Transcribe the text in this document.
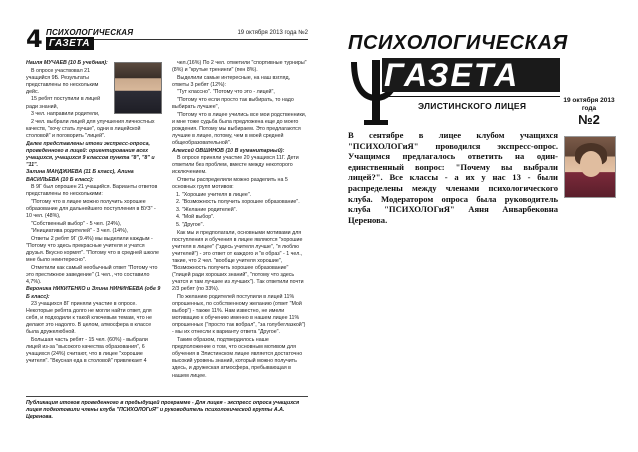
4 ПСИХОЛОГИЧЕСКАЯ
ГАЗЕТА
19 октября 2013 года №2

Наиля МУЧАЕВ (10 Б учебная):

В опросе участвовал 21 учащийся 9Б. Результаты представлены по нескольким дейс.

15 ребят поступили в лицей ради знаний,

3 чел. направили родители,

2 чел. выбрали лицей для улучшения личностных качеств, "хочу стать лучше", одни в лицейской столовой" и поговорить "лицей".

Далее представлены итоги экспресс-опроса, проведенного в лицей: ориентирования всех учащихся, учащихся 9 классов пункта "8", "8" и "11".

Залина МАНДЖИЕВА (11 Б класс), Алина ВАСИЛЬЕВА (10 Б класс):

В 9Г был опрошен 21 учащийся. Варианты ответов представлены по несколькими:

"Потому что в лицее можно получить хорошее образование для дальнейшего поступления в ВУЗ" - 10 чел. (48%),

"Собственный выбор" - 5 чел. (24%),

"Инициатива родителей" - 3 чел. (14%),

Ответы 2 ребят 9Г (9.4%) мы выделили каждым - "Потому что здесь прекрасные учителя и учатся друзья. Вкусно кормят". "Потому что в средней школе мне было неинтересно".

Отметили как самый необычный ответ "Потому что это престижное заведение" (1 чел., что составило 4,7%).

Вероника НИКИТЕНКО и Элина НИНИНЕЕВА (обе 9 Б класс):

23 учащихся 8Г приняли участие в опросе. Некоторые ребята долго не могли найти ответ, для себя, и подходили к такой ключевым темам, что не делают это надолго. В целом, атмосфера в классе была дружелюбной.

Большая часть ребят - 15 чел. (60%) - выбрали лицей из-за "высокого качества образования", 6 учащихся (24%) считают, что в лицее "хорошие учителя". "Вкусная еда в столовой" привлекает 4

чел.(16%) По 2 чел. отметили "спортивные турниры" (8%) и "крутые тренинги" (пен 8%).

Выделили самые интересные, на наш взгляд, ответы 3 ребят (12%):

"Тут классно". "Потому что это - лицей",

"Потому что если просто так выбирать, то надо выбирать лучшее",

"Потому что в лицее учились все мои родственники, и мне тоже судьба была предложена еще до моего рождения. Потому мы выбираем. Это предлагаются лучшие в лицее, потому, чем в моей средней общеобразовательной".

Алексей ОВШИНОВ (10 В гуманитарный):

В опросе приняли участие 20 учащихся 11Г. Дети ответили без проблем, вместе между некоторого исключением.

Ответы распределили можно разделить на 5 основных групп мотивов:

1. "Хорошие учителя в лицее".

2. "Возможность получить хорошее образование".

3. "Желание родителей".

4. "Мой выбор".

5. "Другое".

Как мы и предполагали, основными мотивами для поступления и обучения в лицее являются "хорошие учителя в лицее" ("здесь учителя лучше", "я люблю учителей") - это ответ от каждого и "в образ" - 1 чел., такие, что 2 чел. "вообще учителя хорошие", "Возможность получить хорошее образование" ("лицей ради хороших знаний", "потому что здесь учатся и там лучшее из лучших"). Так ответили почти 2/3 ребят (по 33%).

По желанию родителей поступили в лицей 11% опрошенных, по собственному желанию (ответ "Мой выбор") - также 11%. Нам известно, не имели мотивацию к обучению именно в нашем лицее 11% опрошенных ("просто так вобрал", "за голубеглазкой") - мы их отнесли к варианту ответа "Другое".

Таким образом, подтвердилось наше предположение о том, что основным мотивом для обучения в Элистинском лицее является достаточно высокий уровень знаний, который можно получить здесь, и дружеская атмосфера, пребывающая в нашем лицее.

Публикация итогов проведенного в предыдущей программе - Для лицея - экспресс опроса учащихся лицея подготовили члены клуба "ПСИХОЛОГиЯ" и руководитель психологической группы А.А. Церенова.
ПСИХОЛОГИЧЕСКАЯ
ГАЗЕТА
ЭЛИСТИНСКОГО ЛИЦЕЯ
19 октября 2013 года
№2
В сентябре в лицее клубом учащихся "ПСИХОЛОГиЯ" проводился экспресс-опрос. Учащимся предлагалось ответить на один-единственный вопрос: "Почему вы выбрали лицей?". Все классы - а их у нас 13 - были распределены между членами психологического клуба. Модератором опроса была руководитель клуба "ПСИХОЛОГиЯ" Аяня Анварбековна Церенова.
